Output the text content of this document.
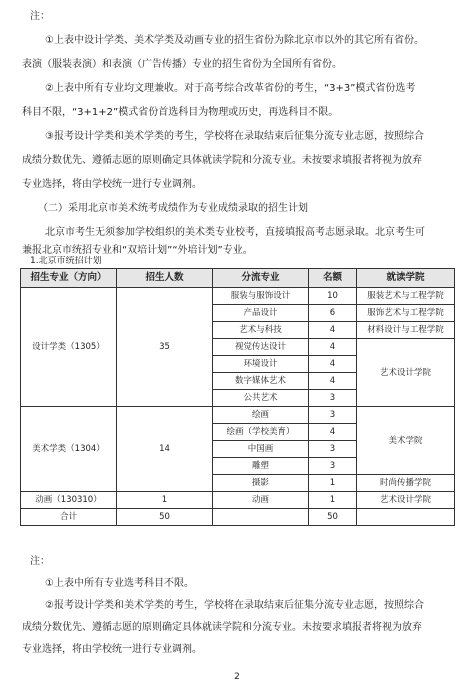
注：
①上表中设计学类、美术学类及动画专业的招生省份为除北京市以外的其它所有省份。
表演（服装表演）和表演（广告传播）专业的招生省份为全国所有省份。
②上表中所有专业均文理兼收。对于高考综合改革省份的考生，“3+3”模式省份选考
科目不限，“3+1+2”模式省份首选科目为物理或历史，再选科目不限。
③报考设计学类和美术学类的考生，学校将在录取结束后征集分流专业志愿，按照综合
成绩分数优先、遵循志愿的原则确定具体就读学院和分流专业。未按要求填报者将视为放弃
专业选择，将由学校统一进行专业调剂。
（二）采用北京市美术统考成绩作为专业成绩录取的招生计划
北京市考生无须参加学校组织的美术类专业校考，直接填报高考志愿录取。北京考生可
兼报北京市统招专业和“双培计划”“外培计划”专业。
招生专业（方向）	招生人数	分流专业	名额	就读学院
设计学类（1305）	35	服装与服饰设计	10	服装艺术与工程学院
		产品设计	6	服饰艺术与工程学院
		艺术与科技	4	材料设计与工程学院
		视觉传达设计	4	艺术设计学院
		环境设计	4	
		数字媒体艺术	4	
		公共艺术	3	
美术学类（1304）	14	绘画	3	美术学院
		绘画（学校美育）	4	
		中国画	3	
		雕塑	3	
		摄影	1	时尚传播学院
动画（130310）	1	动画	1	艺术设计学院
合计	50		50	
注：
①上表中所有专业选考科目不限。
②报考设计学类和美术学类的考生，学校将在录取结束后征集分流专业志愿，按照综合
成绩分数优先、遵循志愿的原则确定具体就读学院和分流专业。未按要求填报者将视为放弃
专业选择，将由学校统一进行专业调剂。
2
1.北京市统招计划
